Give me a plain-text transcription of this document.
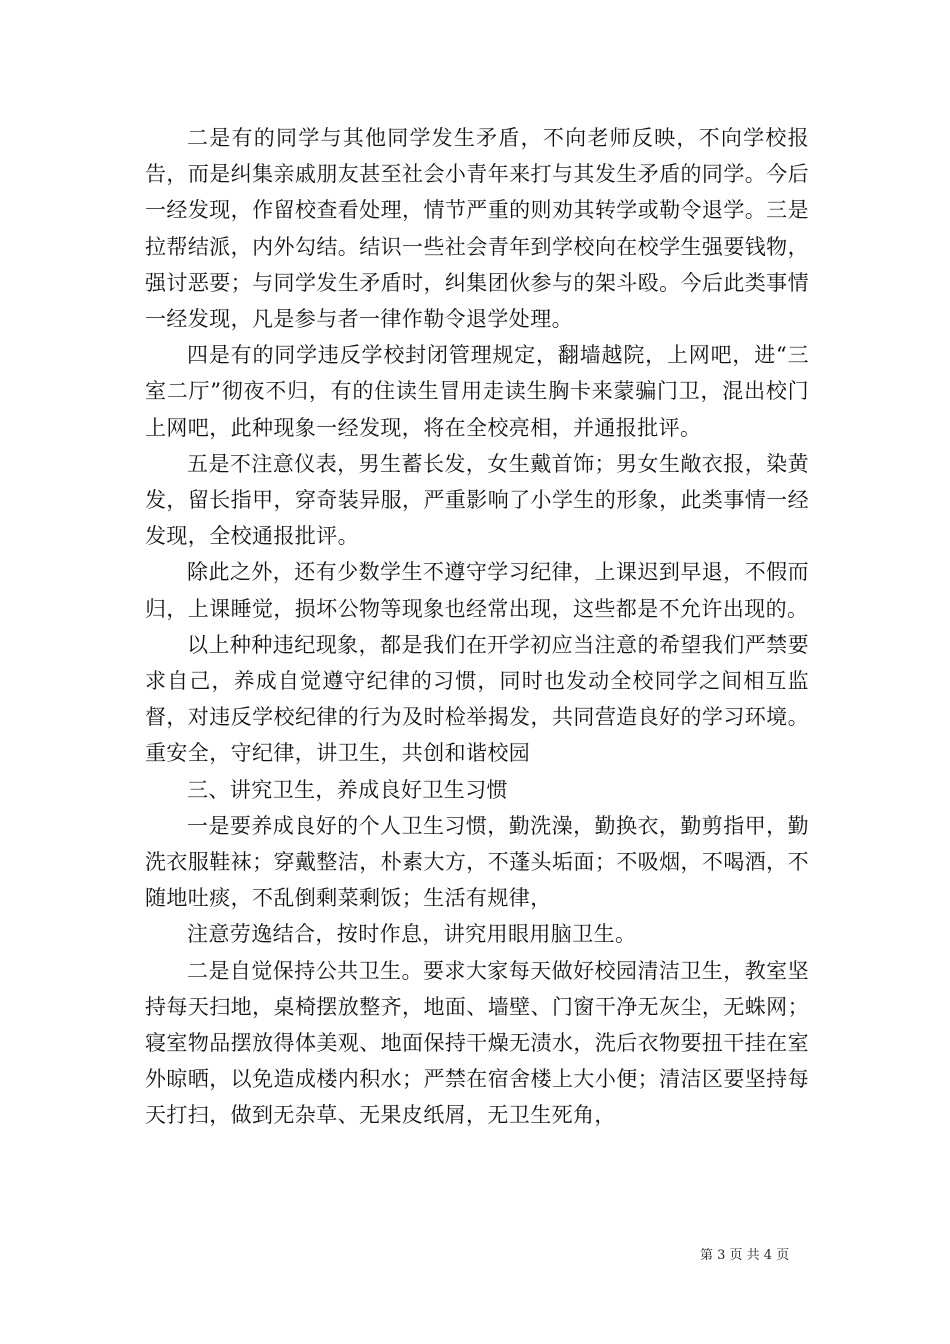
二是有的同学与其他同学发生矛盾，不向老师反映，不向学校报告，而是纠集亲戚朋友甚至社会小青年来打与其发生矛盾的同学。今后一经发现，作留校查看处理，情节严重的则劝其转学或勒令退学。三是拉帮结派，内外勾结。结识一些社会青年到学校向在校学生强要钱物，强讨恶要；与同学发生矛盾时，纠集团伙参与的架斗殴。今后此类事情一经发现，凡是参与者一律作勒令退学处理。

四是有的同学违反学校封闭管理规定，翻墙越院，上网吧，进“三室二厅”彻夜不归，有的住读生冒用走读生胸卡来蒙骗门卫，混出校门上网吧，此种现象一经发现，将在全校亮相，并通报批评。

五是不注意仪表，男生蓄长发，女生戴首饰；男女生敞衣报，染黄发，留长指甲，穿奇装异服，严重影响了小学生的形象，此类事情一经发现，全校通报批评。

除此之外，还有少数学生不遵守学习纪律，上课迟到早退，不假而归，上课睡觉，损坏公物等现象也经常出现，这些都是不允许出现的。

以上种种违纪现象，都是我们在开学初应当注意的希望我们严禁要求自己，养成自觉遵守纪律的习惯，同时也发动全校同学之间相互监督，对违反学校纪律的行为及时检举揭发，共同营造良好的学习环境。重安全，守纪律，讲卫生，共创和谐校园

三、讲究卫生，养成良好卫生习惯

一是要养成良好的个人卫生习惯，勤洗澡，勤换衣，勤剪指甲，勤洗衣服鞋袜；穿戴整洁，朴素大方，不蓬头垢面；不吸烟，不喝酒，不随地吐痰，不乱倒剩菜剩饭；生活有规律，

注意劳逸结合，按时作息，讲究用眼用脑卫生。

二是自觉保持公共卫生。要求大家每天做好校园清洁卫生，教室坚持每天扫地，桌椅摆放整齐，地面、墙壁、门窗干净无灰尘，无蛛网；寝室物品摆放得体美观、地面保持干燥无渍水，洗后衣物要扭干挂在室外晾晒，以免造成楼内积水；严禁在宿舍楼上大小便；清洁区要坚持每天打扫，做到无杂草、无果皮纸屑，无卫生死角，

第 3 页 共 4 页
